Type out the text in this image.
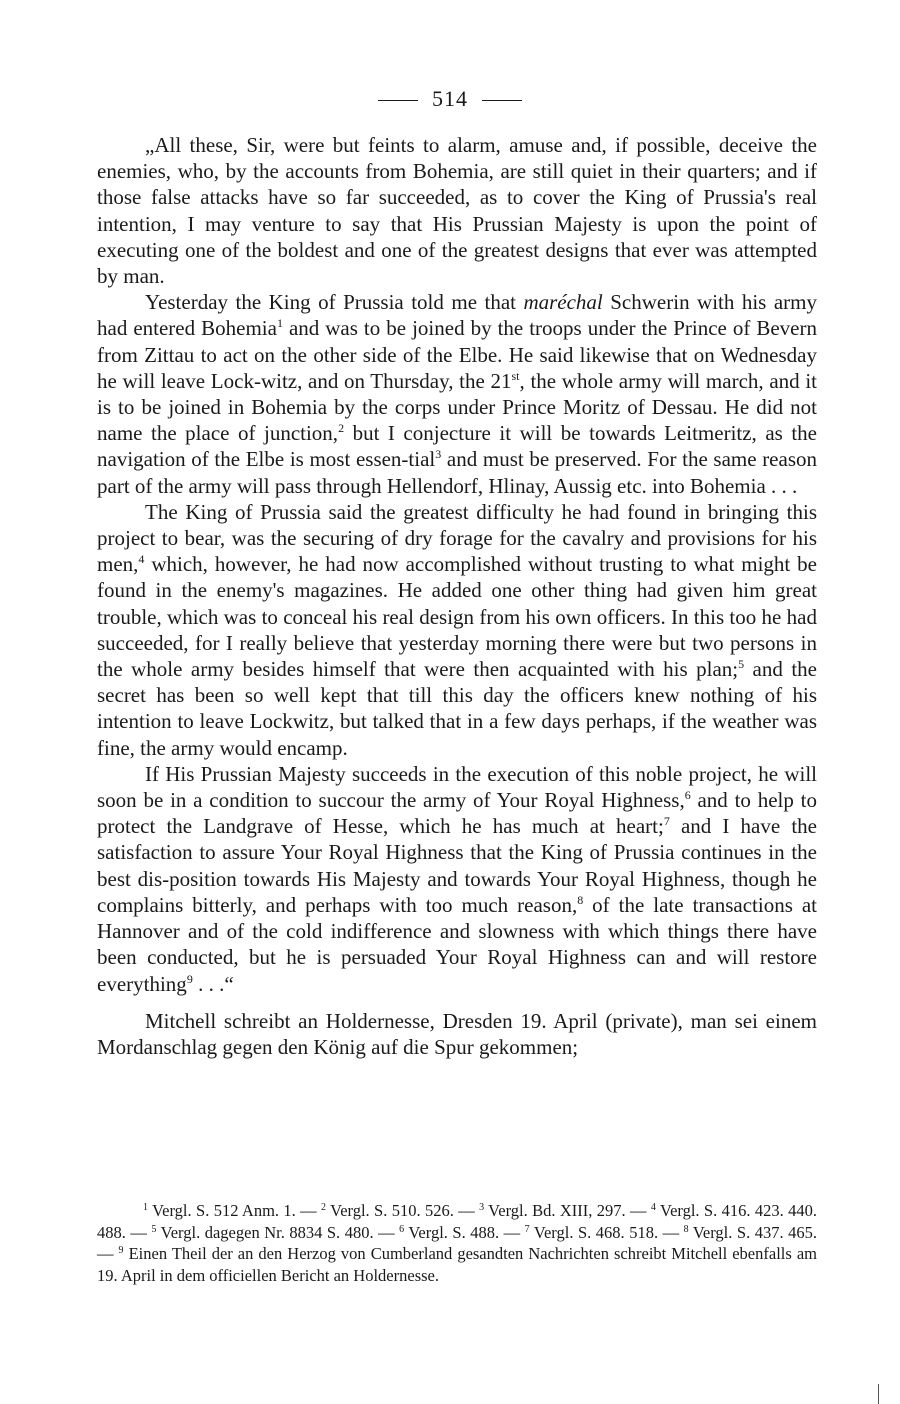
514

„All these, Sir, were but feints to alarm, amuse and, if possible, deceive the enemies, who, by the accounts from Bohemia, are still quiet in their quarters; and if those false attacks have so far succeeded, as to cover the King of Prussia's real intention, I may venture to say that His Prussian Majesty is upon the point of executing one of the boldest and one of the greatest designs that ever was attempted by man.

Yesterday the King of Prussia told me that maréchal Schwerin with his army had entered Bohemia$^1$ and was to be joined by the troops under the Prince of Bevern from Zittau to act on the other side of the Elbe. He said likewise that on Wednesday he will leave Lock-witz, and on Thursday, the 21st, the whole army will march, and it is to be joined in Bohemia by the corps under Prince Moritz of Dessau. He did not name the place of junction,$^2$ but I conjecture it will be towards Leitmeritz, as the navigation of the Elbe is most essen-tial$^3$ and must be preserved. For the same reason part of the army will pass through Hellendorf, Hlinay, Aussig etc. into Bohemia . . .

The King of Prussia said the greatest difficulty he had found in bringing this project to bear, was the securing of dry forage for the cavalry and provisions for his men,$^4$ which, however, he had now accomplished without trusting to what might be found in the enemy's magazines. He added one other thing had given him great trouble, which was to conceal his real design from his own officers. In this too he had succeeded, for I really believe that yesterday morning there were but two persons in the whole army besides himself that were then acquainted with his plan;$^5$ and the secret has been so well kept that till this day the officers knew nothing of his intention to leave Lockwitz, but talked that in a few days perhaps, if the weather was fine, the army would encamp.

If His Prussian Majesty succeeds in the execution of this noble project, he will soon be in a condition to succour the army of Your Royal Highness,$^6$ and to help to protect the Landgrave of Hesse, which he has much at heart;$^7$ and I have the satisfaction to assure Your Royal Highness that the King of Prussia continues in the best dis-position towards His Majesty and towards Your Royal Highness, though he complains bitterly, and perhaps with too much reason,$^8$ of the late transactions at Hannover and of the cold indifference and slowness with which things there have been conducted, but he is persuaded Your Royal Highness can and will restore everything$^9$ . . .“

Mitchell schreibt an Holdernesse, Dresden 19. April (private), man sei einem Mordanschlag gegen den König auf die Spur gekommen;

$^1$ Vergl. S. 512 Anm. 1. — $^2$ Vergl. S. 510. 526. — $^3$ Vergl. Bd. XIII, 297. — $^4$ Vergl. S. 416. 423. 440. 488. — $^5$ Vergl. dagegen Nr. 8834 S. 480. — $^6$ Vergl. S. 488. — $^7$ Vergl. S. 468. 518. — $^8$ Vergl. S. 437. 465. — $^9$ Einen Theil der an den Herzog von Cumberland gesandten Nachrichten schreibt Mitchell ebenfalls am 19. April in dem officiellen Bericht an Holdernesse.
